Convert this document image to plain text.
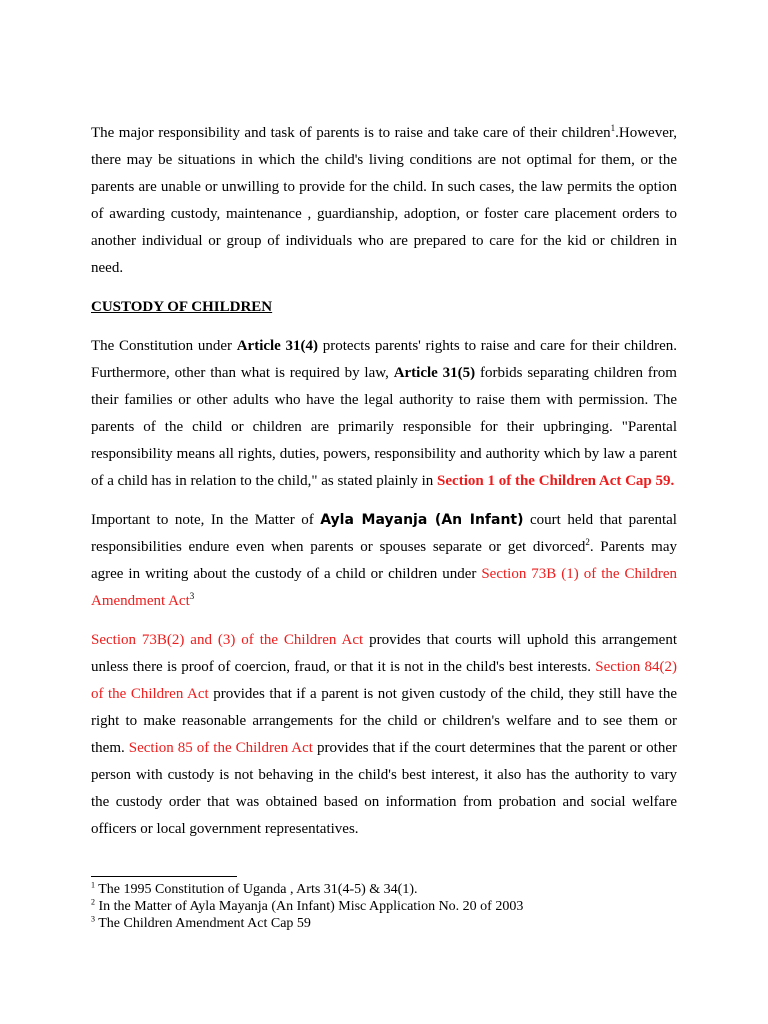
The major responsibility and task of parents is to raise and take care of their children$^1$.However, there may be situations in which the child's living conditions are not optimal for them, or the parents are unable or unwilling to provide for the child. In such cases, the law permits the option of awarding custody, maintenance , guardianship, adoption, or foster care placement orders to another individual or group of individuals who are prepared to care for the kid or children in need.

CUSTODY OF CHILDREN

The Constitution under Article 31(4) protects parents' rights to raise and care for their children. Furthermore, other than what is required by law, Article 31(5) forbids separating children from their families or other adults who have the legal authority to raise them with permission. The parents of the child or children are primarily responsible for their upbringing. "Parental responsibility means all rights, duties, powers, responsibility and authority which by law a parent of a child has in relation to the child," as stated plainly in Section 1 of the Children Act Cap 59.

Important to note, In the Matter of Ayla Mayanja (An Infant) court held that parental responsibilities endure even when parents or spouses separate or get divorced$^2$. Parents may agree in writing about the custody of a child or children under Section 73B (1) of the Children Amendment Act$^3$

Section 73B(2) and (3) of the Children Act provides that courts will uphold this arrangement unless there is proof of coercion, fraud, or that it is not in the child's best interests. Section 84(2) of the Children Act provides that if a parent is not given custody of the child, they still have the right to make reasonable arrangements for the child or children's welfare and to see them or them. Section 85 of the Children Act provides that if the court determines that the parent or other person with custody is not behaving in the child's best interest, it also has the authority to vary the custody order that was obtained based on information from probation and social welfare officers or local government representatives.

$^1$ The 1995 Constitution of Uganda , Arts 31(4-5) & 34(1).

$^2$ In the Matter of Ayla Mayanja (An Infant) Misc Application No. 20 of 2003

$^3$ The Children Amendment Act Cap 59
